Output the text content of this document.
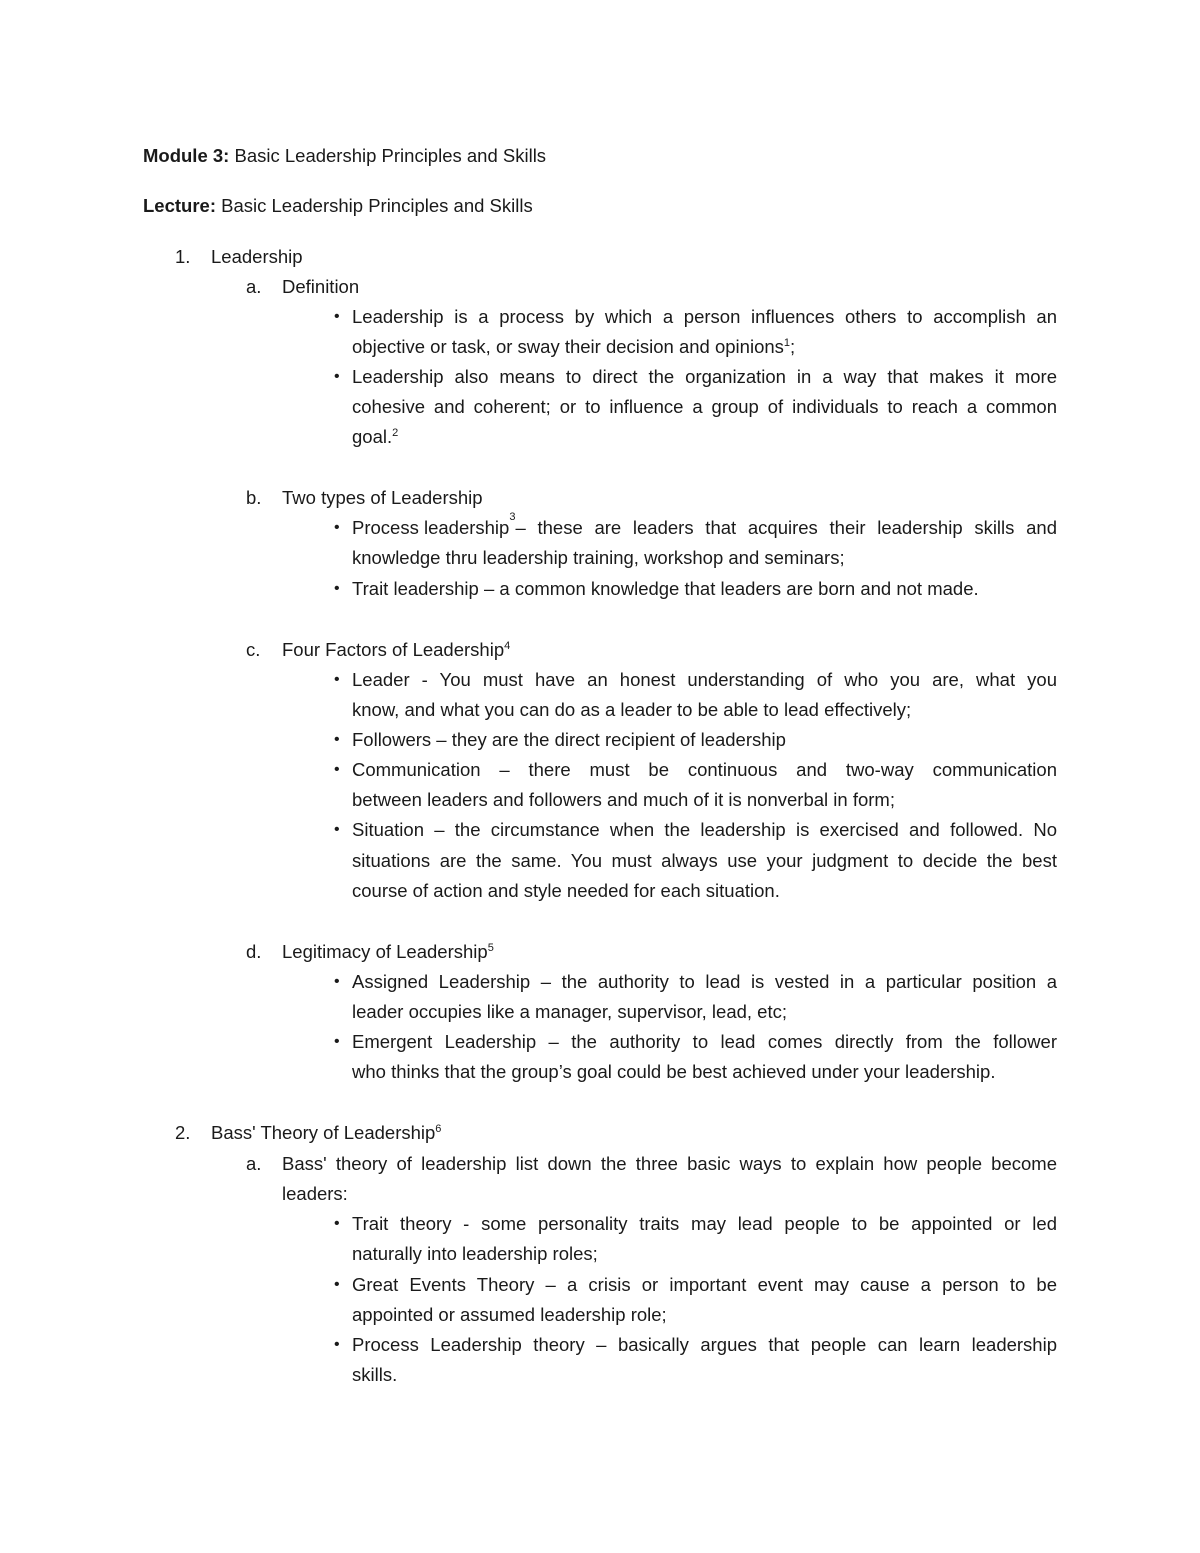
Module 3: Basic Leadership Principles and Skills
Lecture: Basic Leadership Principles and Skills
1. Leadership
a. Definition
• Leadership is a process by which a person influences others to accomplish an
objective or task, or sway their decision and opinions$^1$;
• Leadership also means to direct the organization in a way that makes it more
cohesive and coherent; or to influence a group of individuals to reach a common
goal.$^2$
b. Two types of Leadership
• Process leadership 3 – these are leaders that acquires their leadership skills and
knowledge thru leadership training, workshop and seminars;
• Trait leadership – a common knowledge that leaders are born and not made.
c. Four Factors of Leadership$^4$
• Leader - You must have an honest understanding of who you are, what you
know, and what you can do as a leader to be able to lead effectively;
• Followers – they are the direct recipient of leadership
• Communication – there must be continuous and two-way communication
between leaders and followers and much of it is nonverbal in form;
• Situation – the circumstance when the leadership is exercised and followed. No
situations are the same. You must always use your judgment to decide the best
course of action and style needed for each situation.
d. Legitimacy of Leadership$^5$
• Assigned Leadership – the authority to lead is vested in a particular position a
leader occupies like a manager, supervisor, lead, etc;
• Emergent Leadership – the authority to lead comes directly from the follower
who thinks that the group’s goal could be best achieved under your leadership.
2. Bass' Theory of Leadership$^6$
a. Bass' theory of leadership list down the three basic ways to explain how people become
leaders:
• Trait theory - some personality traits may lead people to be appointed or led
naturally into leadership roles;
• Great Events Theory – a crisis or important event may cause a person to be
appointed or assumed leadership role;
• Process Leadership theory – basically argues that people can learn leadership
skills.
